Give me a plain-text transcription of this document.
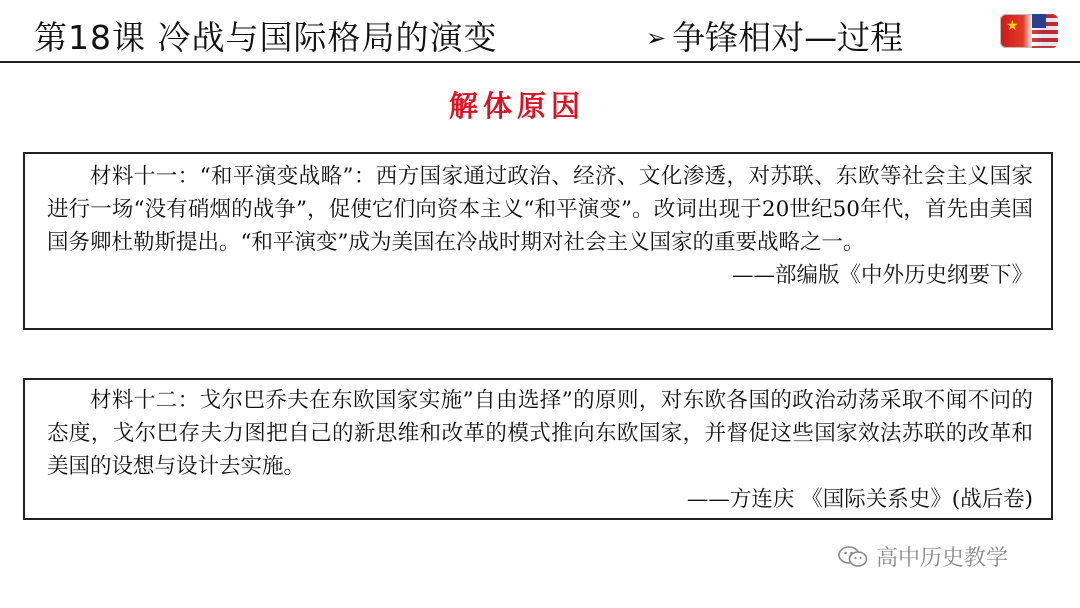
第18课 冷战与国际格局的演变	➢ 争锋相对—过程	★
解体原因

材料十一：“和平演变战略”：西方国家通过政治、经济、文化渗透，对苏联、东欧等社会主义国家进行一场“没有硝烟的战争”，促使它们向资本主义“和平演变”。改词出现于20世纪50年代，首先由美国国务卿杜勒斯提出。“和平演变”成为美国在冷战时期对社会主义国家的重要战略之一。

——部编版《中外历史纲要下》

材料十二：戈尔巴乔夫在东欧国家实施”自由选择”的原则，对东欧各国的政治动荡采取不闻不问的态度，戈尔巴存夫力图把自己的新思维和改革的模式推向东欧国家，并督促这些国家效法苏联的改革和美国的设想与设计去实施。

——方连庆 《国际关系史》(战后卷)

高中历史教学
